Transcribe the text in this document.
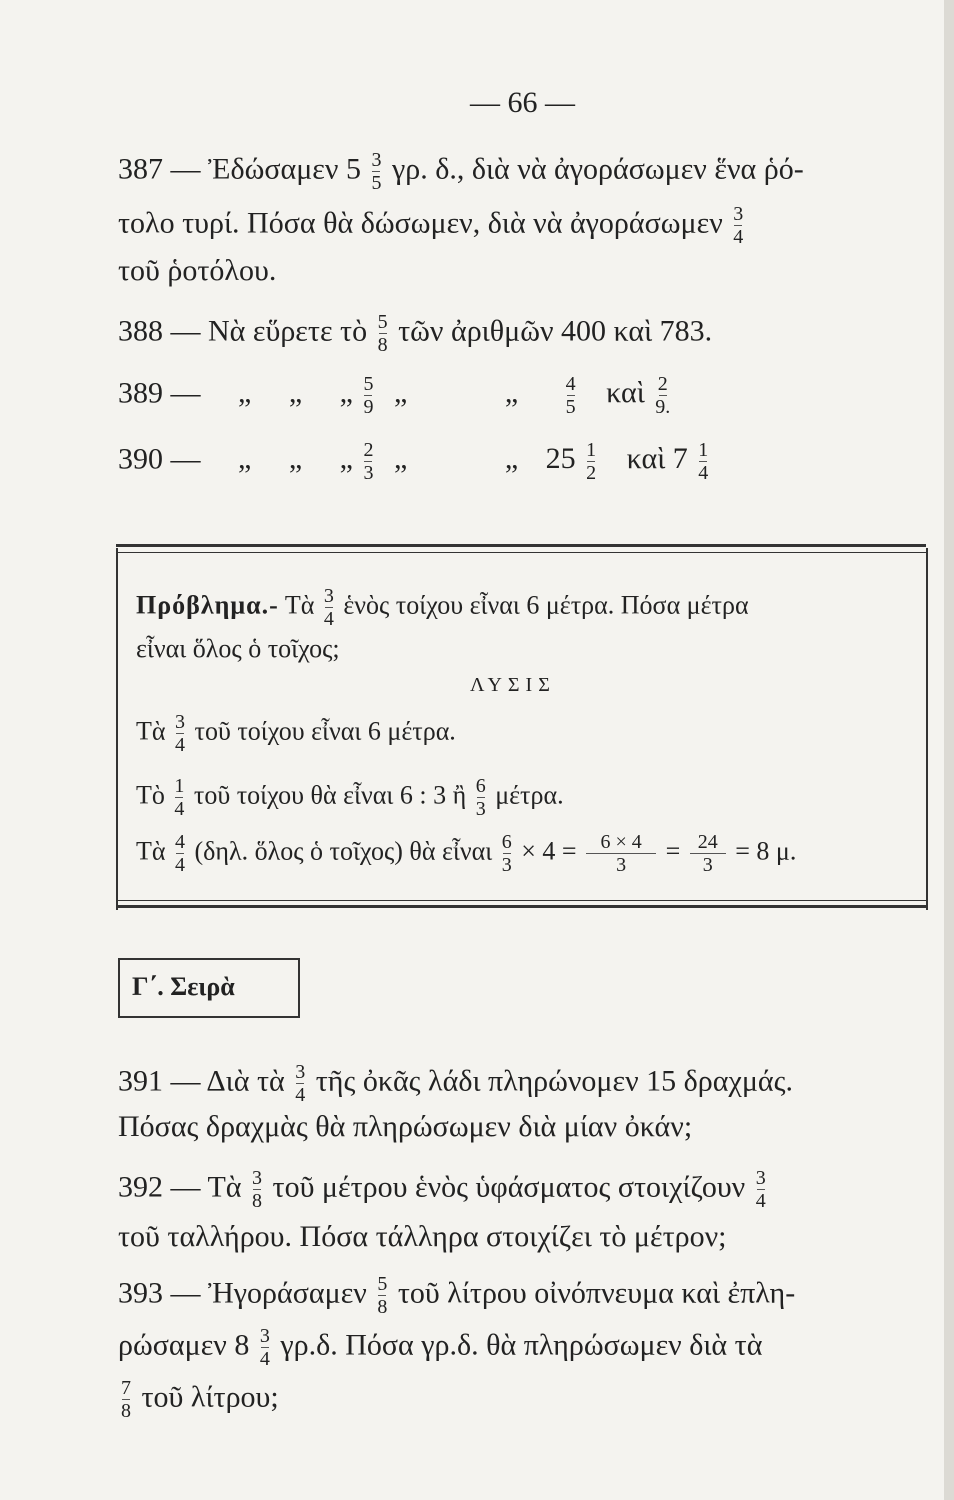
— 66 —
387 — Ἐδώσαμεν $5 \frac{3}{5} \gamma\rho$. δ., διὰ νὰ ἀγοράσωμεν ἕνα ῥό-
τολο τυρί. Πόσα θὰ δώσωμεν, διὰ νὰ ἀγοράσωμεν $\frac{3}{4}$
τοῦ ῥοτόλου.
388 — Νὰ εὕρετε τὸ $\frac{5}{8}$ τῶν ἀριθμῶν 400 καὶ 783.
389 — „ „ „ $\frac{5}{9}$ „	„ $\frac{4}{5}$ καὶ $\frac{2}{9.}$
390 — „ „ „ $\frac{2}{3}$ „	„ $25 \frac{1}{2}$ καὶ $7 \frac{1}{4}$
Πρόβλημα.- Τὰ $\frac{3}{4}$ ἑνὸς τοίχου εἶναι 6 μέτρα. Πόσα μέτρα
εἶναι ὅλος ὁ τοῖχος;
ΛΥΣΙΣ
Τὰ $\frac{3}{4}$ τοῦ τοίχου εἶναι 6 μέτρα.
Τὸ $\frac{1}{4}$ τοῦ τοίχου θὰ εἶναι 6 : 3 ἢ $\frac{6}{3} \mu έ\tau\rho\alpha$.
Τὰ $\frac{4}{4} (\delta\eta\lambda$. ὅλος ὁ τοῖχος) θὰ εἶναι $\frac{6}{3} \times 4 = \frac{6 \times 4}{3} = \frac{24}{3} = 8$ μ.
Γ΄. Σειρὰ
391 — Διὰ τὰ $\frac{3}{4}$ τῆς ὀκᾶς λάδι πληρώνομεν 15 δραχμάς.
Πόσας δραχμὰς θὰ πληρώσωμεν διὰ μίαν ὀκάν;
392 — Τὰ $\frac{3}{8}$ τοῦ μέτρου ἑνὸς ὑφάσματος στοιχίζουν $\frac{3}{4}$
τοῦ ταλλήρου. Πόσα τάλληρα στοιχίζει τὸ μέτρον;
393 — Ἠγοράσαμεν $\frac{5}{8}$ τοῦ λίτρου οἰνόπνευμα καὶ ἐπλη-
ρώσαμεν $8 \frac{3}{4} \gamma\rho.\delta$. Πόσα γρ.δ. θὰ πληρώσωμεν διὰ τὰ
$\frac{7}{8}$ τοῦ λίτρου;
